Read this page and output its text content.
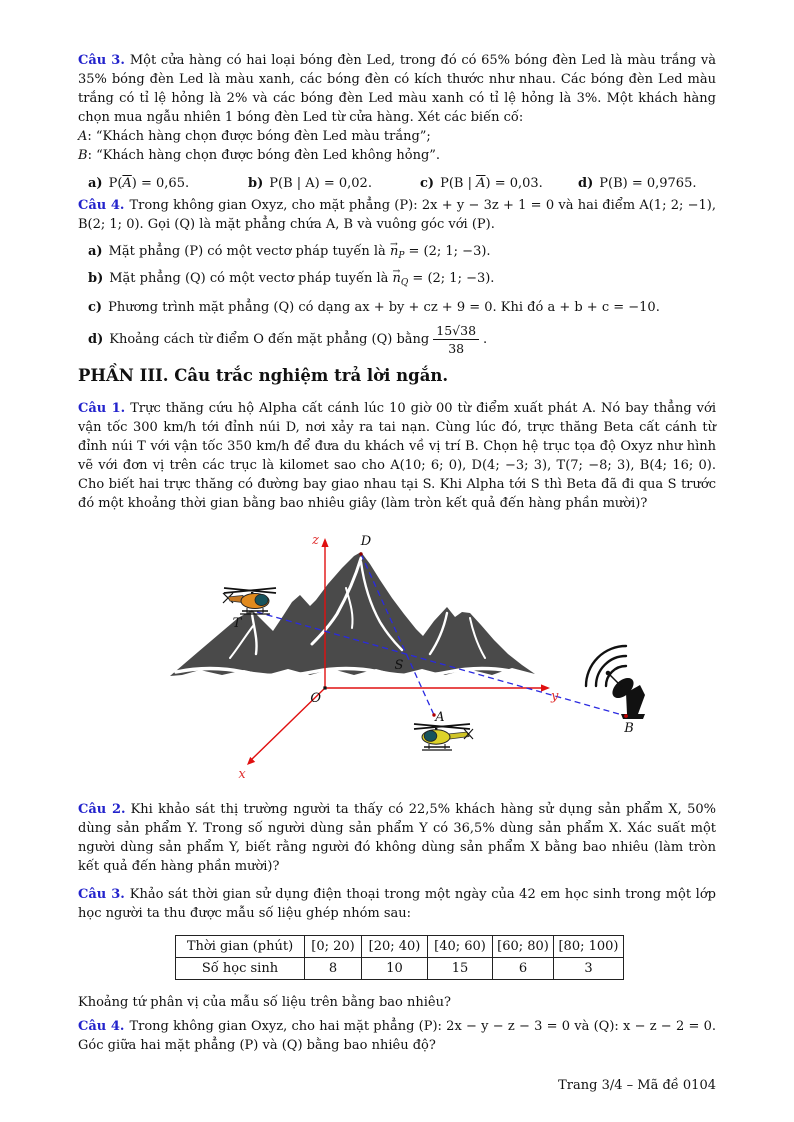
Câu 3. Một cửa hàng có hai loại bóng đèn Led, trong đó có 65% bóng đèn Led là màu trắng và 35% bóng đèn Led là màu xanh, các bóng đèn có kích thước như nhau. Các bóng đèn Led màu trắng có tỉ lệ hỏng là 2% và các bóng đèn Led màu xanh có tỉ lệ hỏng là 3%. Một khách hàng chọn mua ngẫu nhiên 1 bóng đèn Led từ cửa hàng. Xét các biến cố:

A: “Khách hàng chọn được bóng đèn Led màu trắng”;
B: “Khách hàng chọn được bóng đèn Led không hỏng”.
a) $P(\overline{A}) = 0,65$.	b) P(B | A) = 0,02.	c) P(B | $\overline{A}) = 0,03$.	d) P(B) = 0,9765.

Câu 4. Trong không gian Oxyz, cho mặt phẳng (P): 2x + y − 3z + 1 = 0 và hai điểm A(1; 2; −1), B(2; 1; 0). Gọi (Q) là mặt phẳng chứa A, B và vuông góc với (P).

a) Mặt phẳng (P) có một vectơ pháp tuyến là → $n_P = (2$; 1; −3).
b) Mặt phẳng (Q) có một vectơ pháp tuyến là → $n_Q = (2$; 1; −3).
c) Phương trình mặt phẳng (Q) có dạng ax + by + cz + 9 = 0. Khi đó a + b + c = −10.
d) Khoảng cách từ điểm O đến mặt phẳng (Q) bằng $\frac{15√38}{38}$ .
PHẦN III. Câu trắc nghiệm trả lời ngắn.

Câu 1. Trực thăng cứu hộ Alpha cất cánh lúc 10 giờ 00 từ điểm xuất phát A. Nó bay thẳng với vận tốc 300 km/h tới đỉnh núi D, nơi xảy ra tai nạn. Cùng lúc đó, trực thăng Beta cất cánh từ đỉnh núi T với vận tốc 350 km/h để đưa du khách về vị trí B. Chọn hệ trục tọa độ Oxyz như hình vẽ với đơn vị trên các trục là kilomet sao cho A(10; 6; 0), D(4; −3; 3), T(7; −8; 3), B(4; 16; 0). Cho biết hai trực thăng có đường bay giao nhau tại S. Khi Alpha tới S thì Beta đã đi qua S trước đó một khoảng thời gian bằng bao nhiêu giây (làm tròn kết quả đến hàng phần mười)?

z	D
T
S
O	y
x
A
B

Câu 2. Khi khảo sát thị trường người ta thấy có 22,5% khách hàng sử dụng sản phẩm X, 50% dùng sản phẩm Y. Trong số người dùng sản phẩm Y có 36,5% dùng sản phẩm X. Xác suất một người dùng sản phẩm Y, biết rằng người đó không dùng sản phẩm X bằng bao nhiêu (làm tròn kết quả đến hàng phần mười)?

Câu 3. Khảo sát thời gian sử dụng điện thoại trong một ngày của 42 em học sinh trong một lớp học người ta thu được mẫu số liệu ghép nhóm sau:

Thời gian (phút)	[0; 20)	[20; 40)	[40; 60)	[60; 80)	[80; 100)
Số học sinh	8	10	15	6	3
Khoảng tứ phân vị của mẫu số liệu trên bằng bao nhiêu?

Câu 4. Trong không gian Oxyz, cho hai mặt phẳng (P): 2x − y − z − 3 = 0 và (Q): x − z − 2 = 0. Góc giữa hai mặt phẳng (P) và (Q) bằng bao nhiêu độ?

Trang 3/4 – Mã đề 0104
